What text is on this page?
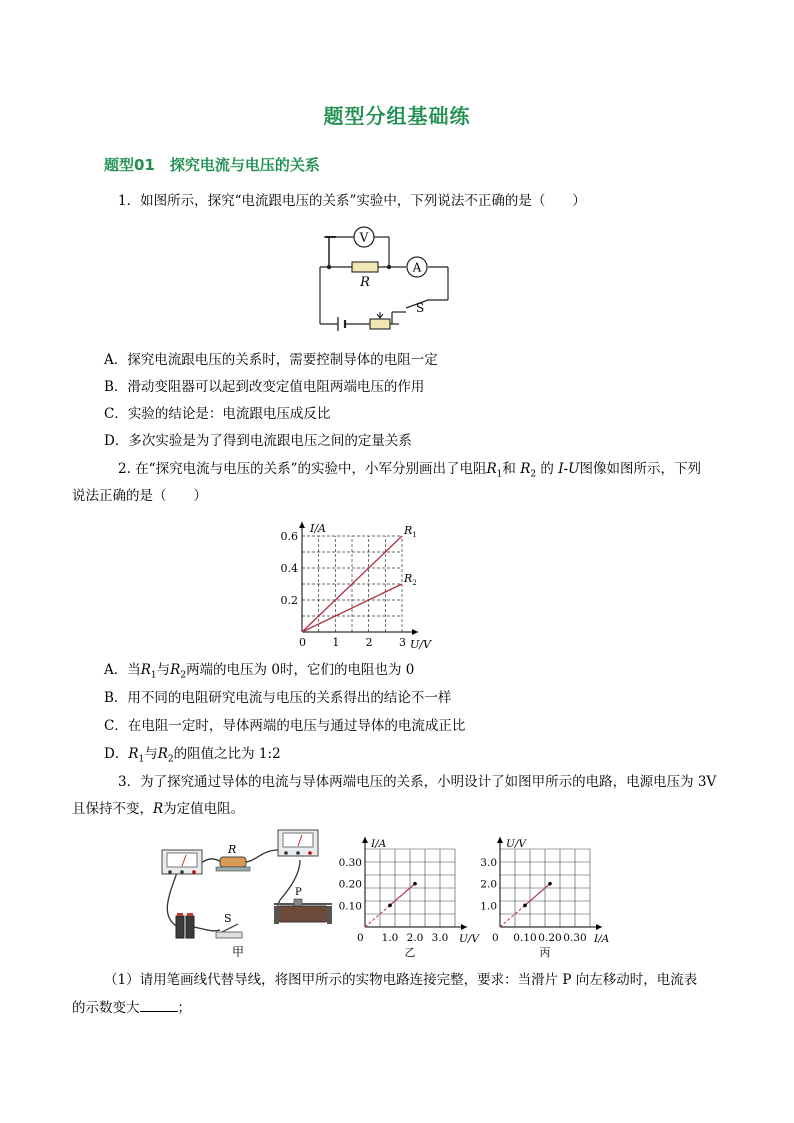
题型分组基础练
题型01　探究电流与电压的关系
1．如图所示，探究“电流跟电压的关系”实验中，下列说法不正确的是（　　）
V
R
A
S
A．探究电流跟电压的关系时，需要控制导体的电阻一定
B．滑动变阻器可以起到改变定值电阻两端电压的作用
C．实验的结论是：电流跟电压成反比
D．多次实验是为了得到电流跟电压之间的定量关系
2. 在“探究电流与电压的关系”的实验中，小军分别画出了电阻$R_1$和 $R_2$ 的 I-U图像如图所示，下列
说法正确的是（　　）
I/A
U/V
0 1 2 3
0.2
0.4
0.6	$R_1$
$R_2$
A．当$R_1$与$R_2$两端的电压为 0时，它们的电阻也为 0
B．用不同的电阻研究电流与电压的关系得出的结论不一样
C．在电阻一定时，导体两端的电压与通过导体的电流成正比
D．$R_1$与$R_2$的阻值之比为 1:2
3．为了探究通过导体的电流与导体两端电压的关系，小明设计了如图甲所示的电路，电源电压为 3V
且保持不变，R为定值电阻。
R
S
P
甲
I/A
U/V
0 1.0 2.0 3.0
0.10
0.20
0.30
乙
U/V
I/A
0 0.10 0.20 0.30
1.0
2.0
3.0
丙
（1）请用笔画线代替导线，将图甲所示的实物电路连接完整，要求：当滑片 P 向左移动时，电流表
的示数变大	；
